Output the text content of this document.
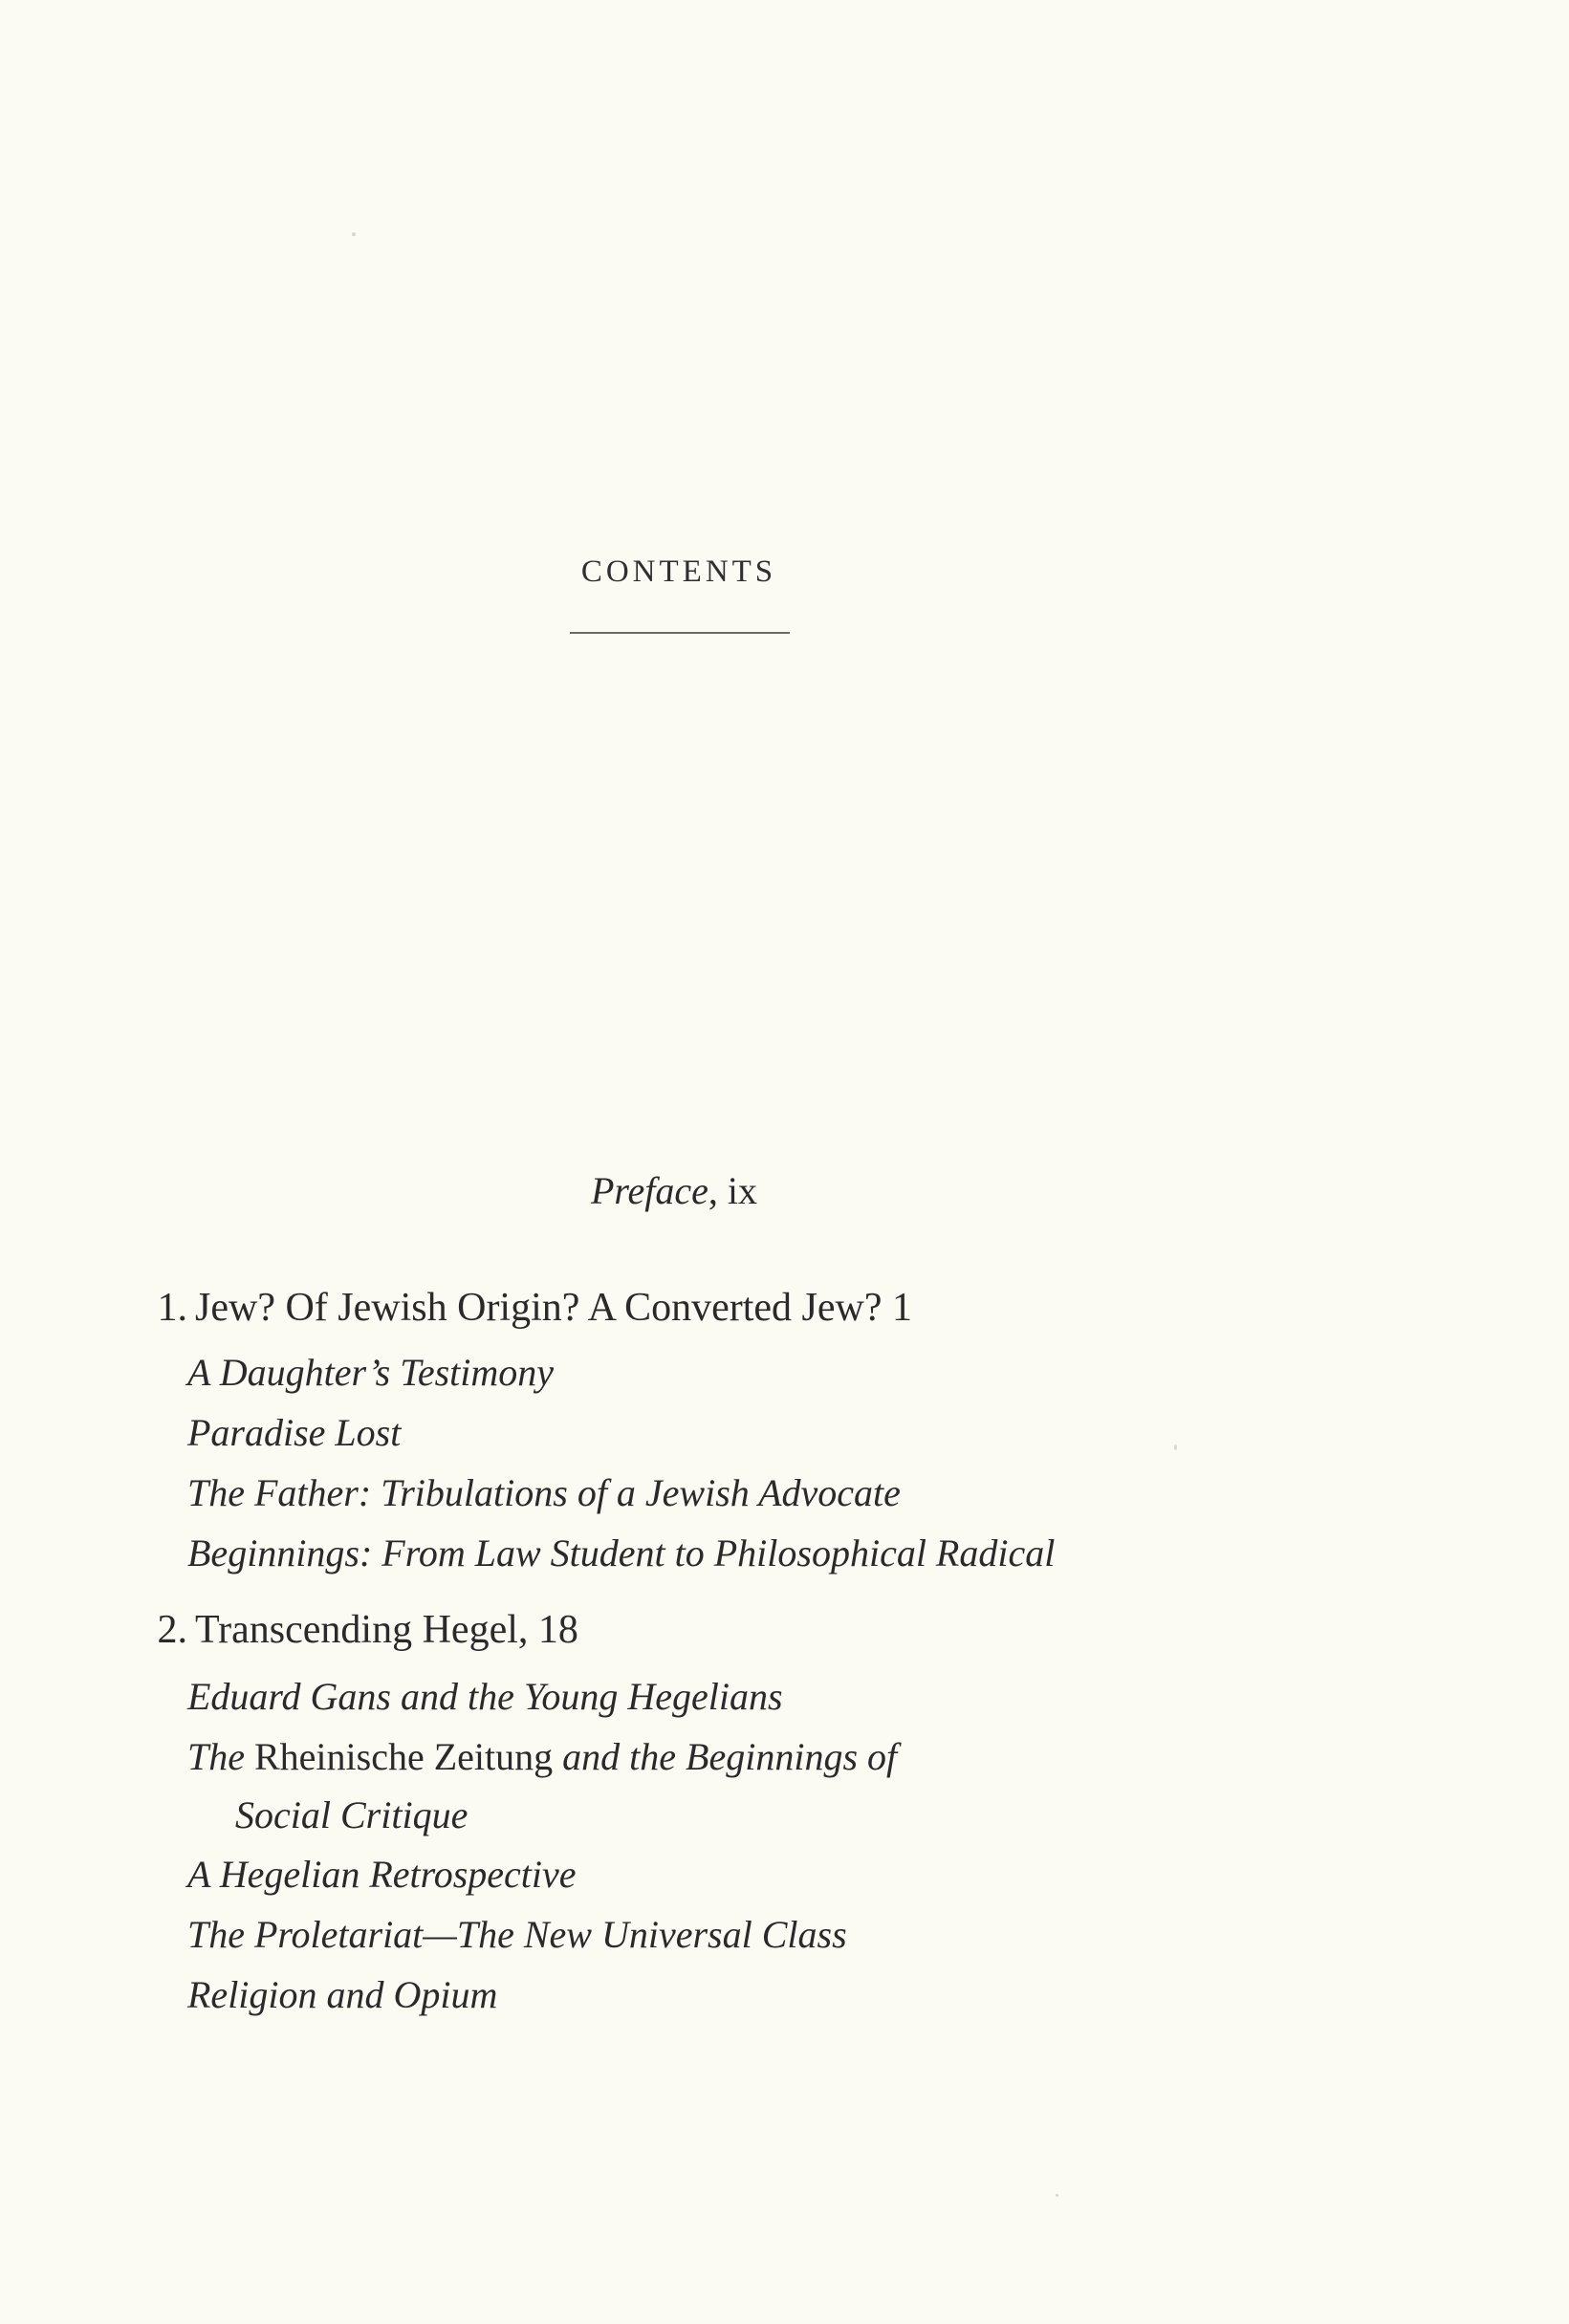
CONTENTS
Preface, ix
1. Jew? Of Jewish Origin? A Converted Jew? 1
A Daughter’s Testimony
Paradise Lost
The Father: Tribulations of a Jewish Advocate
Beginnings: From Law Student to Philosophical Radical
2. Transcending Hegel, 18
Eduard Gans and the Young Hegelians
The Rheinische Zeitung and the Beginnings of
Social Critique
A Hegelian Retrospective
The Proletariat—The New Universal Class
Religion and Opium
